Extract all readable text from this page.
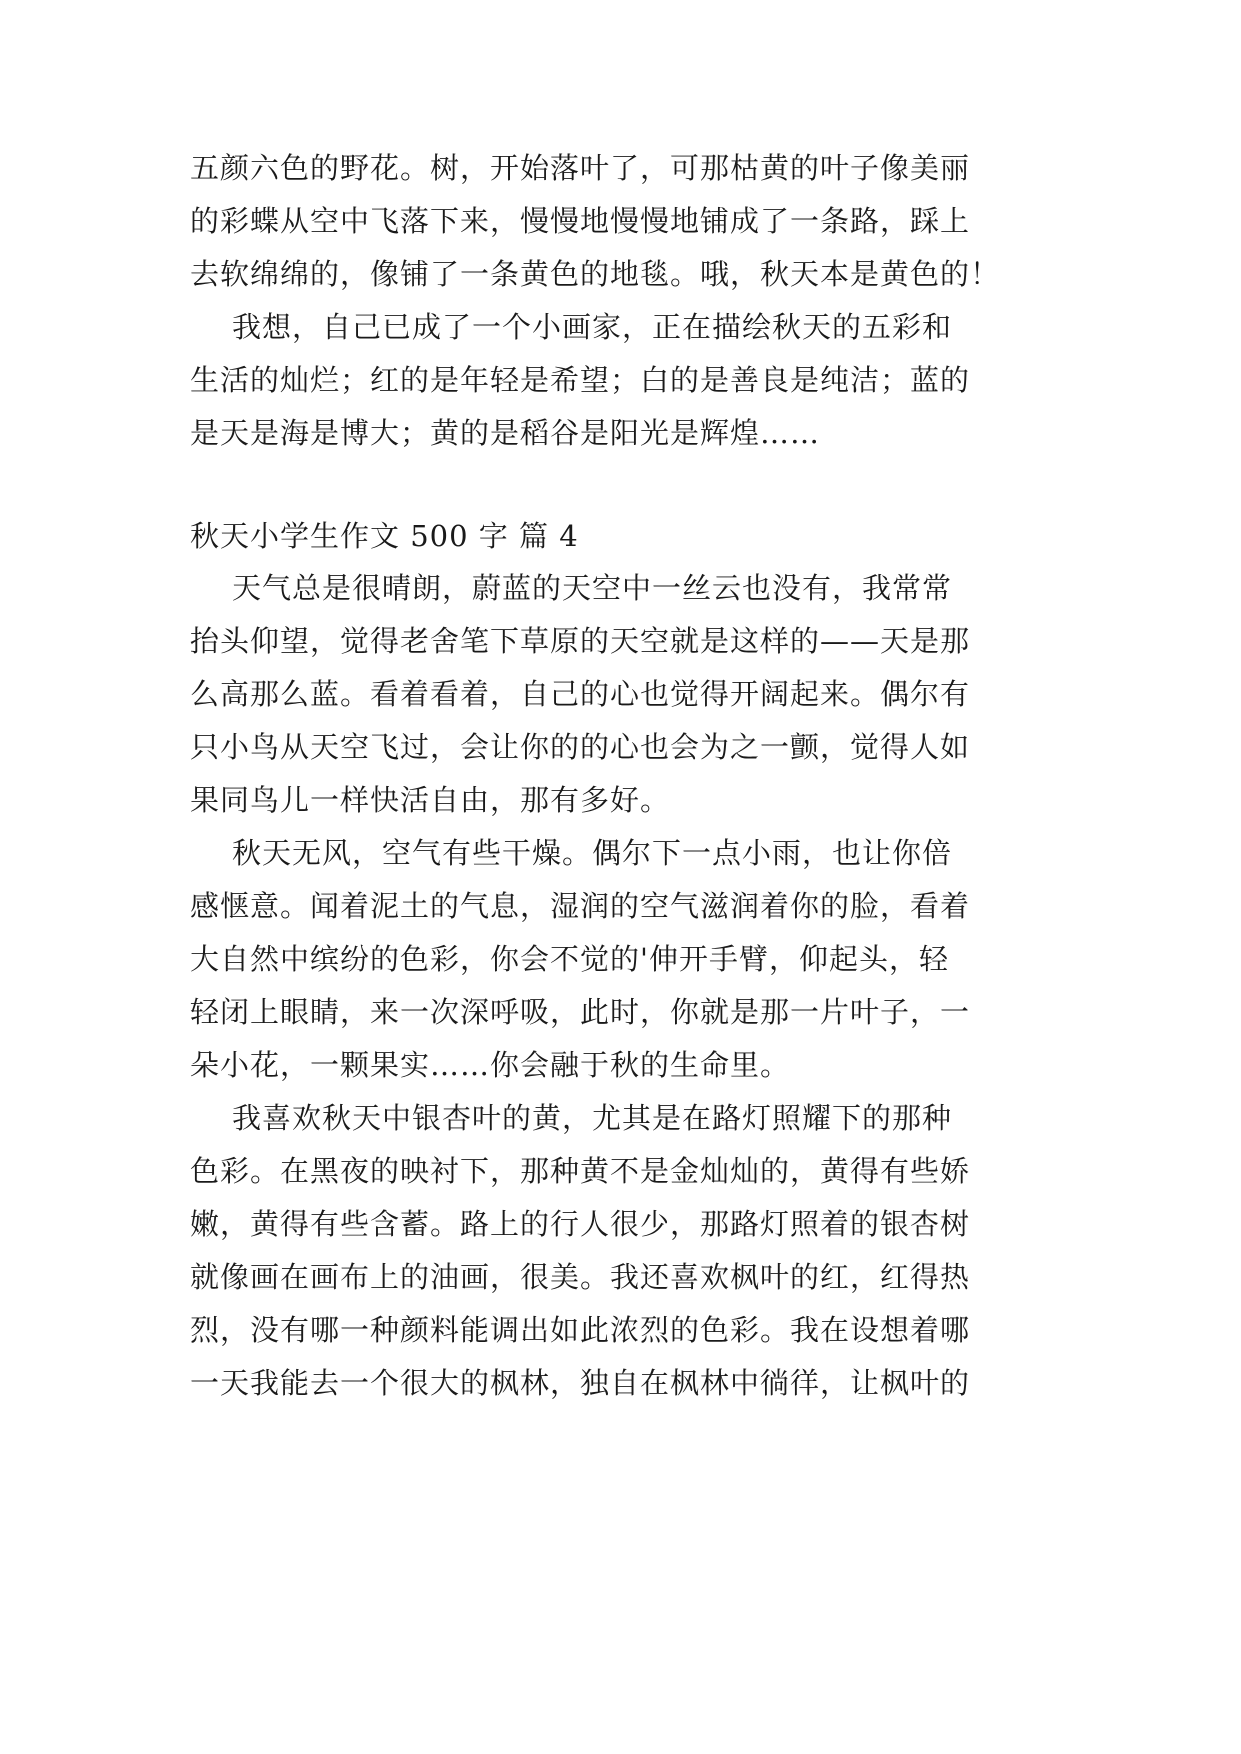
五颜六色的野花。树，开始落叶了，可那枯黄的叶子像美丽
的彩蝶从空中飞落下来，慢慢地慢慢地铺成了一条路，踩上
去软绵绵的，像铺了一条黄色的地毯。哦，秋天本是黄色的！
我想，自己已成了一个小画家，正在描绘秋天的五彩和
生活的灿烂；红的是年轻是希望；白的是善良是纯洁；蓝的
是天是海是博大；黄的是稻谷是阳光是辉煌……
秋天小学生作文 500 字 篇 4
天气总是很晴朗，蔚蓝的天空中一丝云也没有，我常常
抬头仰望，觉得老舍笔下草原的天空就是这样的——天是那
么高那么蓝。看着看着，自己的心也觉得开阔起来。偶尔有
只小鸟从天空飞过，会让你的的心也会为之一颤，觉得人如
果同鸟儿一样快活自由，那有多好。
秋天无风，空气有些干燥。偶尔下一点小雨，也让你倍
感惬意。闻着泥土的气息，湿润的空气滋润着你的脸，看着
大自然中缤纷的色彩，你会不觉的'伸开手臂，仰起头，轻
轻闭上眼睛，来一次深呼吸，此时，你就是那一片叶子，一
朵小花，一颗果实……你会融于秋的生命里。
我喜欢秋天中银杏叶的黄，尤其是在路灯照耀下的那种
色彩。在黑夜的映衬下，那种黄不是金灿灿的，黄得有些娇
嫩，黄得有些含蓄。路上的行人很少，那路灯照着的银杏树
就像画在画布上的油画，很美。我还喜欢枫叶的红，红得热
烈，没有哪一种颜料能调出如此浓烈的色彩。我在设想着哪
一天我能去一个很大的枫林，独自在枫林中徜徉，让枫叶的
